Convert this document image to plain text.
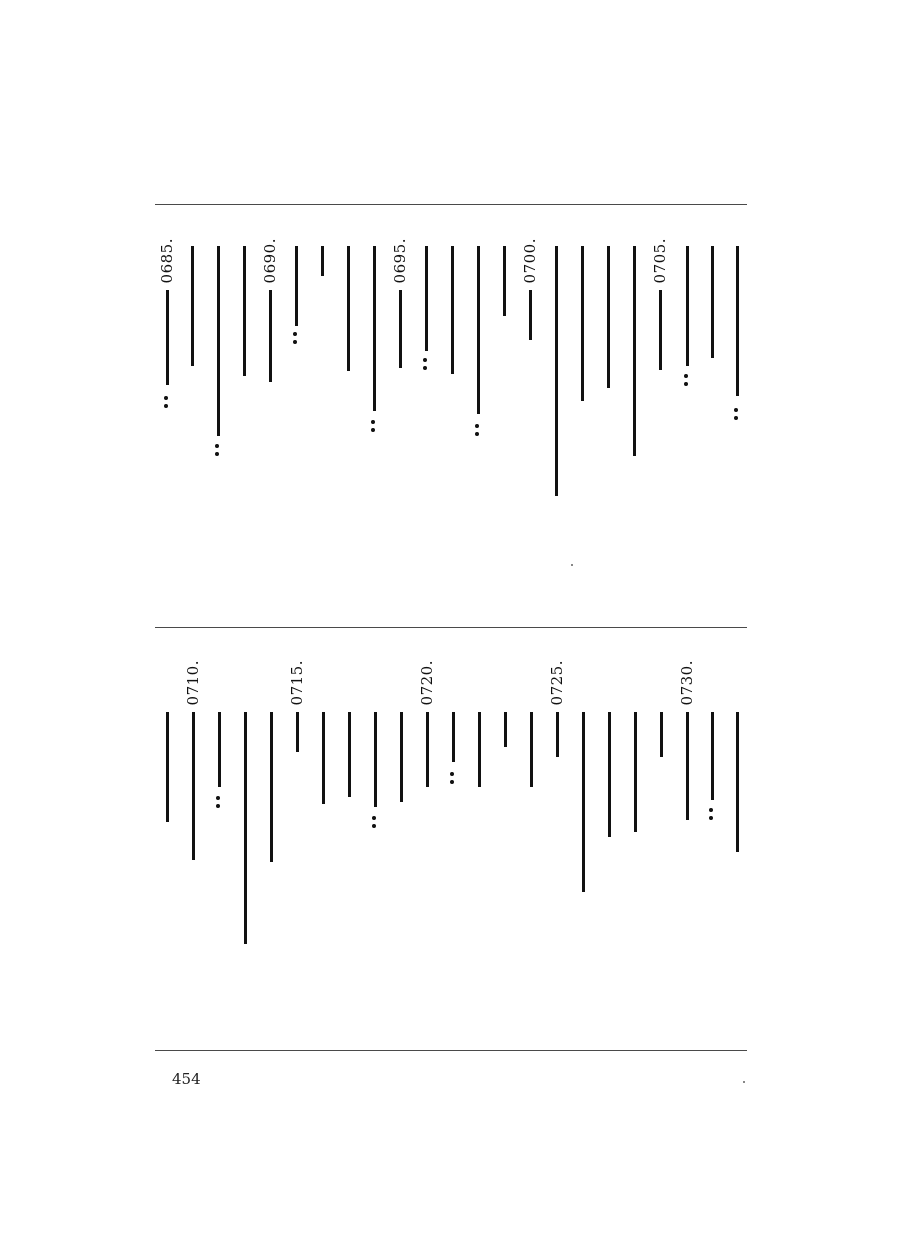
0705.
0700.
0695.
0690.
0685.
0730.
0725.
0720.
0715.
0710.
454
